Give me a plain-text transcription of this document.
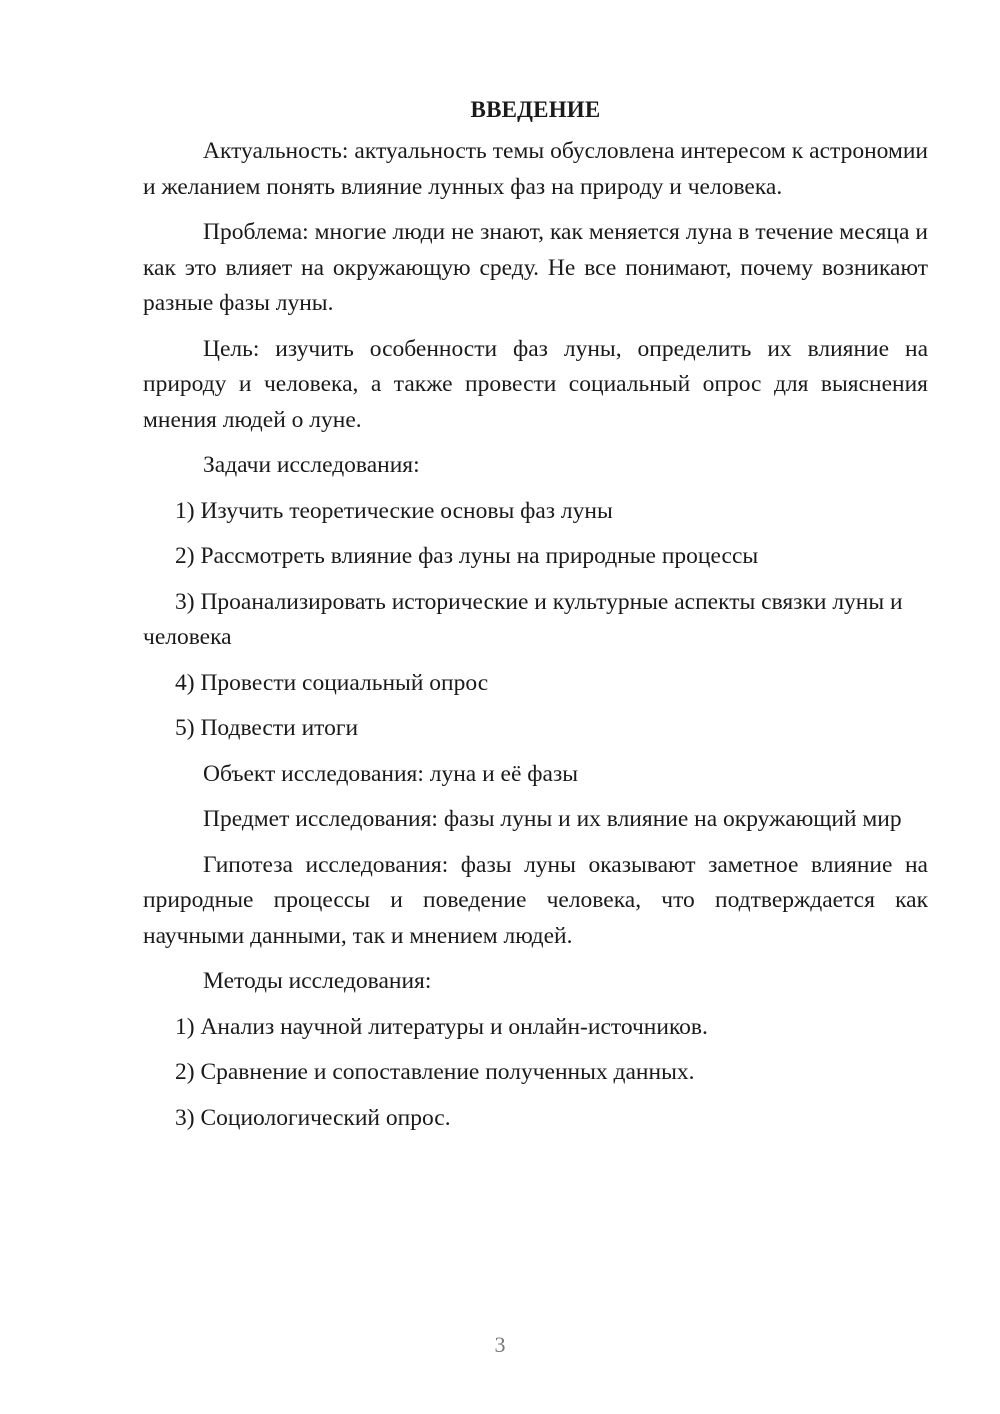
ВВЕДЕНИЕ

Актуальность: актуальность темы обусловлена интересом к астрономии и желанием понять влияние лунных фаз на природу и человека.

Проблема: многие люди не знают, как меняется луна в течение месяца и как это влияет на окружающую среду. Не все понимают, почему возникают разные фазы луны.

Цель: изучить особенности фаз луны, определить их влияние на природу и человека, а также провести социальный опрос для выяснения мнения людей о луне.

Задачи исследования:

1) Изучить теоретические основы фаз луны

2) Рассмотреть влияние фаз луны на природные процессы

3) Проанализировать исторические и культурные аспекты связки луны и человека

4) Провести социальный опрос

5) Подвести итоги

Объект исследования: луна и её фазы

Предмет исследования: фазы луны и их влияние на окружающий мир

Гипотеза исследования: фазы луны оказывают заметное влияние на природные процессы и поведение человека, что подтверждается как научными данными, так и мнением людей.

Методы исследования:

1) Анализ научной литературы и онлайн-источников.

2) Сравнение и сопоставление полученных данных.

3) Социологический опрос.

3
